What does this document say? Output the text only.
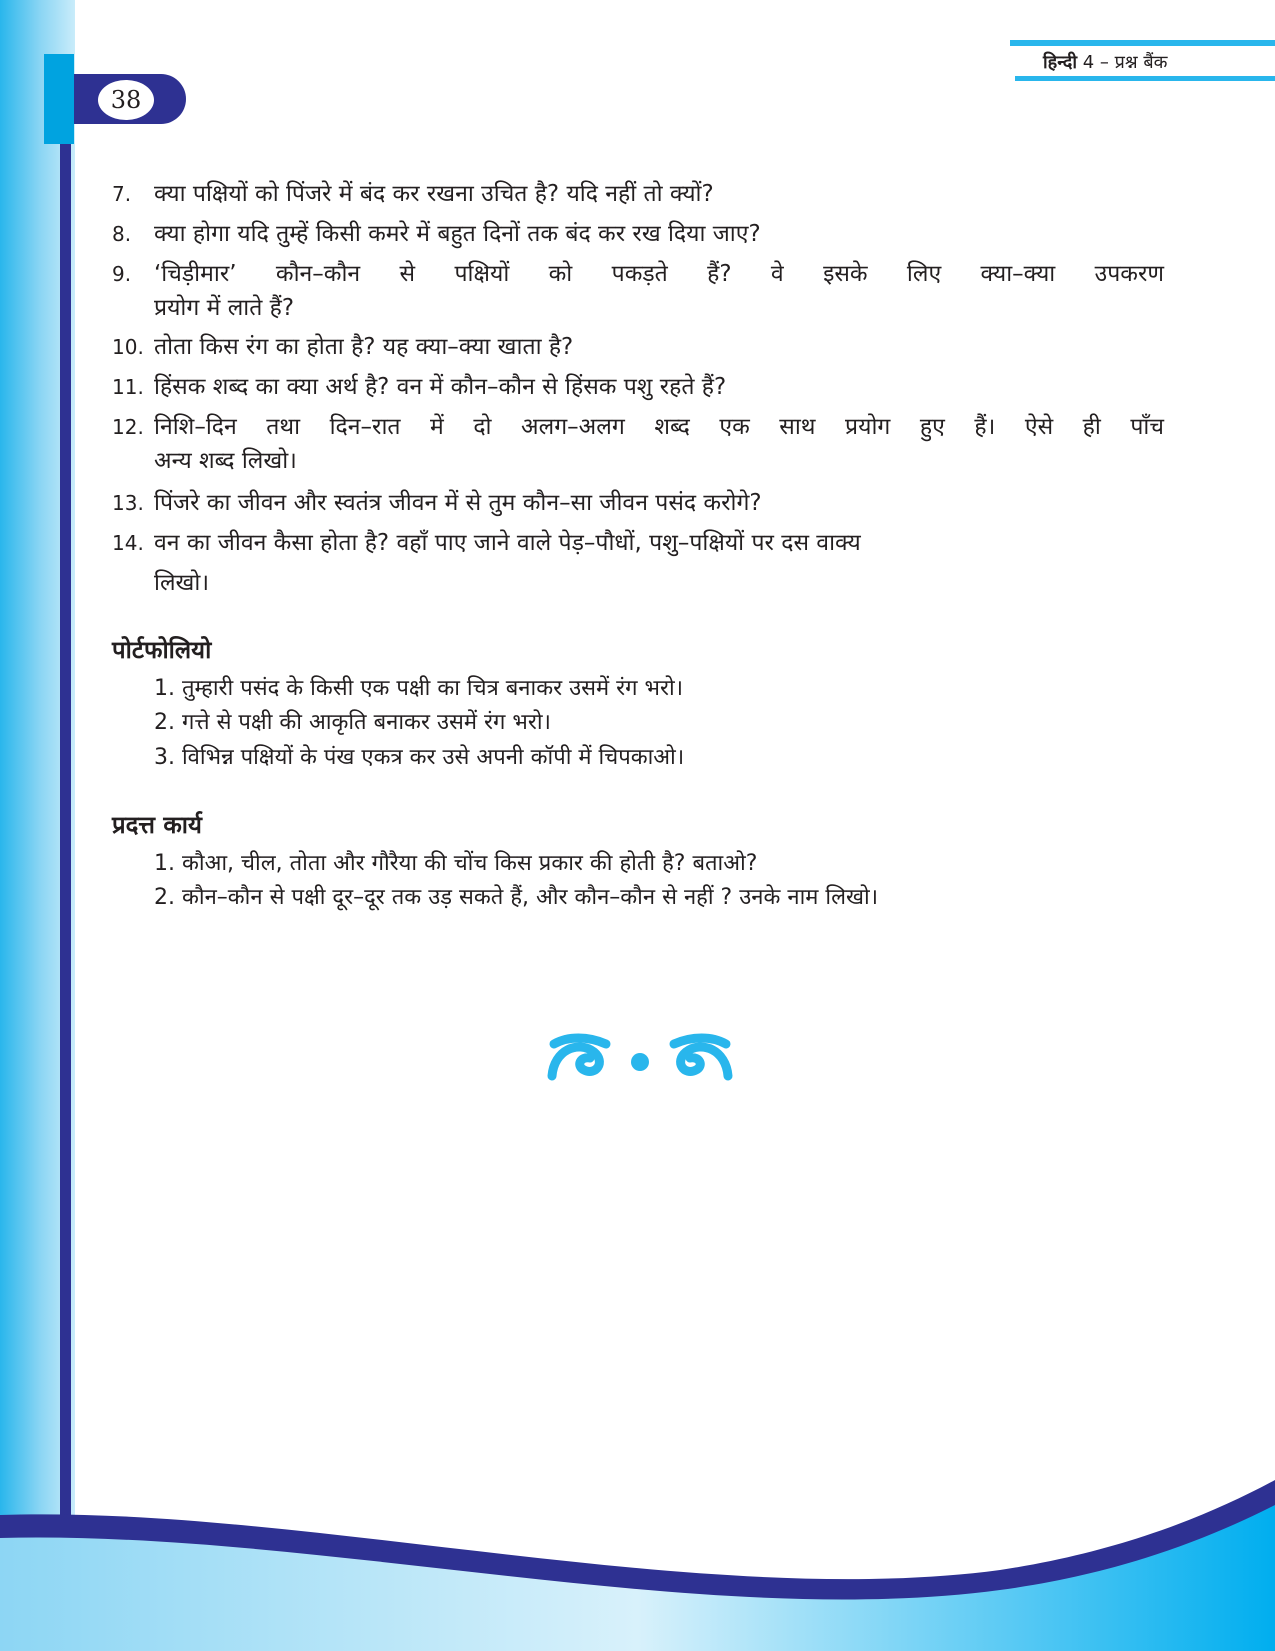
38
हिन्दी 4 – प्रश्न बैंक
7. क्या पक्षियों को पिंजरे में बंद कर रखना उचित है? यदि नहीं तो क्यों?
8. क्या होगा यदि तुम्हें किसी कमरे में बहुत दिनों तक बंद कर रख दिया जाए?
9. ‘चिड़ीमार’ कौन–कौन से पक्षियों को पकड़ते हैं? वे इसके लिए क्या–क्या उपकरण
प्रयोग में लाते हैं?
10. तोता किस रंग का होता है? यह क्या–क्या खाता है?
11. हिंसक शब्द का क्या अर्थ है? वन में कौन–कौन से हिंसक पशु रहते हैं?
12. निशि–दिन तथा दिन–रात में दो अलग–अलग शब्द एक साथ प्रयोग हुए हैं। ऐसे ही पाँच
अन्य शब्द लिखो।
13. पिंजरे का जीवन और स्वतंत्र जीवन में से तुम कौन–सा जीवन पसंद करोगे?
14. वन का जीवन कैसा होता है? वहाँ पाए जाने वाले पेड़–पौधों, पशु–पक्षियों पर दस वाक्य
लिखो।
पोर्टफोलियो
1. तुम्हारी पसंद के किसी एक पक्षी का चित्र बनाकर उसमें रंग भरो।
2. गत्ते से पक्षी की आकृति बनाकर उसमें रंग भरो।
3. विभिन्न पक्षियों के पंख एकत्र कर उसे अपनी कॉपी में चिपकाओ।
प्रदत्त कार्य
1. कौआ, चील, तोता और गौरैया की चोंच किस प्रकार की होती है? बताओ?
2. कौन–कौन से पक्षी दूर–दूर तक उड़ सकते हैं, और कौन–कौन से नहीं ? उनके नाम लिखो।
